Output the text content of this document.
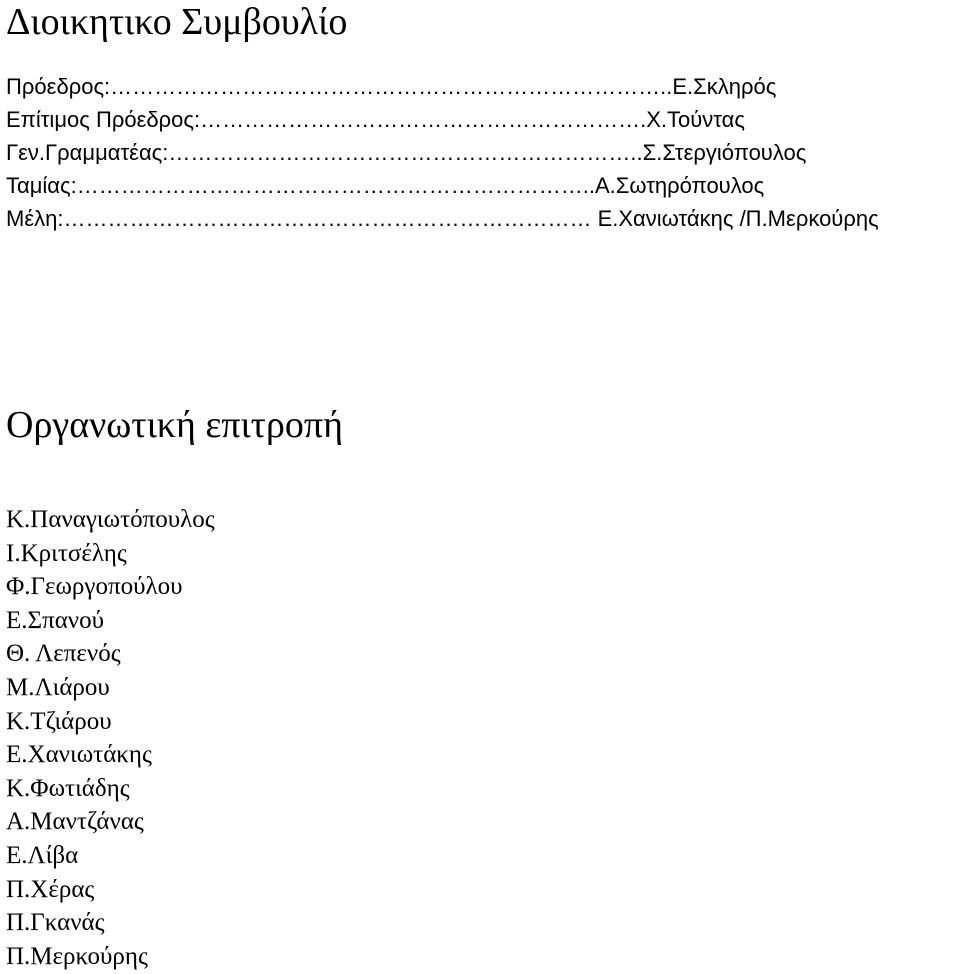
Διοικητικο Συμβουλίο
Πρόεδρος:…………………………………………………………………..Ε.Σκληρός
Επίτιμος Πρόεδρος:…………………………………………………….Χ.Τούντας
Γεν.Γραμματέας:………………………………………………………..Σ.Στεργιόπουλος
Ταμίας:……………………………………………………………..Α.Σωτηρόπουλος
Μέλη:……………………………………………………………… Ε.Χανιωτάκης /Π.Μερκούρης
Οργανωτική επιτροπή
Κ.Παναγιωτόπουλος
Ι.Κριτσέλης
Φ.Γεωργοπούλου
Ε.Σπανού
Θ. Λεπενός
Μ.Λιάρου
Κ.Τζιάρου
Ε.Χανιωτάκης
Κ.Φωτιάδης
Α.Μαντζάνας
Ε.Λίβα
Π.Χέρας
Π.Γκανάς
Π.Μερκούρης
